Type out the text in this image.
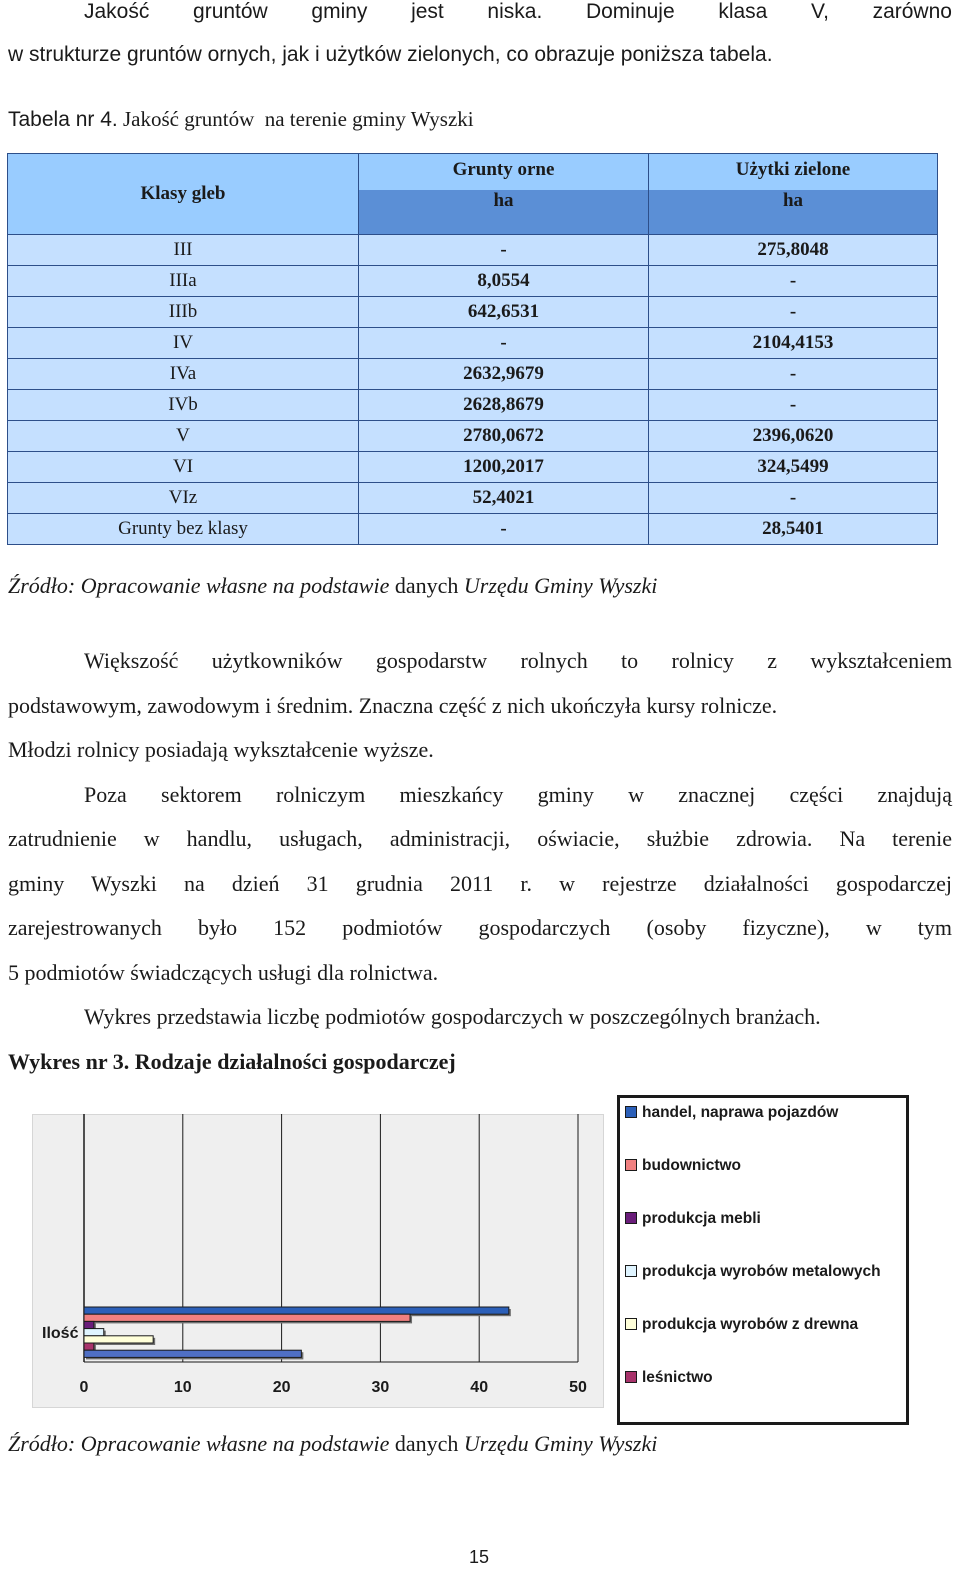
Jakość gruntów gminy jest niska. Dominuje klasa V, zarówno
w strukturze gruntów ornych, jak i użytków zielonych, co obrazuje poniższa tabela.
Tabela nr 4. Jakość gruntów  na terenie gminy Wyszki
Klasy gleb	Grunty orne	Użytki zielone

ha	ha
III	-	275,8048
IIIa	8,0554	-
IIIb	642,6531	-
IV	-	2104,4153
IVa	2632,9679	-
IVb	2628,8679	-
V	2780,0672	2396,0620
VI	1200,2017	324,5499
VIz	52,4021	-
Grunty bez klasy	-	28,5401
Źródło: Opracowanie własne na podstawie danych Urzędu Gminy Wyszki
Większość użytkowników gospodarstw rolnych to rolnicy z wykształceniem
podstawowym, zawodowym i średnim. Znaczna część z nich ukończyła kursy rolnicze.
Młodzi rolnicy posiadają wykształcenie wyższe.
Poza sektorem rolniczym mieszkańcy gminy w znacznej części znajdują
zatrudnienie w handlu, usługach, administracji, oświacie, służbie zdrowia. Na terenie
gminy Wyszki na dzień 31 grudnia 2011 r. w rejestrze działalności gospodarczej
zarejestrowanych było 152 podmiotów gospodarczych (osoby fizyczne), w tym
5 podmiotów świadczących usługi dla rolnictwa.
Wykres przedstawia liczbę podmiotów gospodarczych w poszczególnych branżach.
Wykres nr 3. Rodzaje działalności gospodarczej
Ilość
0	10	20	30	40	50
handel, naprawa pojazdów
budownictwo
produkcja mebli
produkcja wyrobów metalowych
produkcja wyrobów z drewna
leśnictwo
Źródło: Opracowanie własne na podstawie danych Urzędu Gminy Wyszki
15
